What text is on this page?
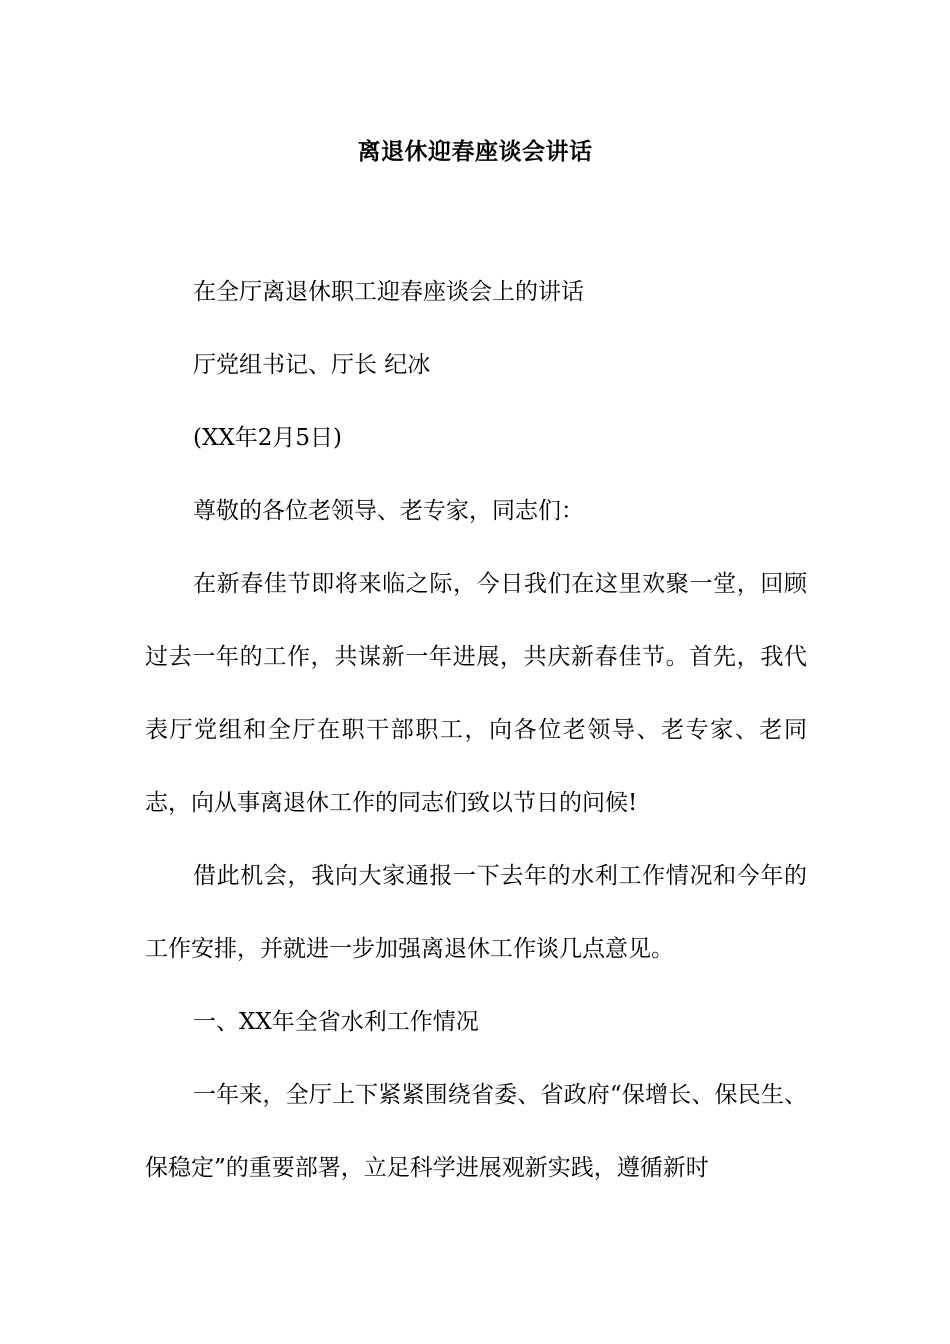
离退休迎春座谈会讲话

在全厅离退休职工迎春座谈会上的讲话

厅党组书记、厅长 纪冰

(XX年2月5日)

尊敬的各位老领导、老专家，同志们：

在新春佳节即将来临之际，今日我们在这里欢聚一堂，回顾过去一年的工作，共谋新一年进展，共庆新春佳节。首先，我代表厅党组和全厅在职干部职工，向各位老领导、老专家、老同志，向从事离退休工作的同志们致以节日的问候!

借此机会，我向大家通报一下去年的水利工作情况和今年的工作安排，并就进一步加强离退休工作谈几点意见。

一、XX年全省水利工作情况

一年来，全厅上下紧紧围绕省委、省政府“保增长、保民生、保稳定”的重要部署，立足科学进展观新实践，遵循新时
